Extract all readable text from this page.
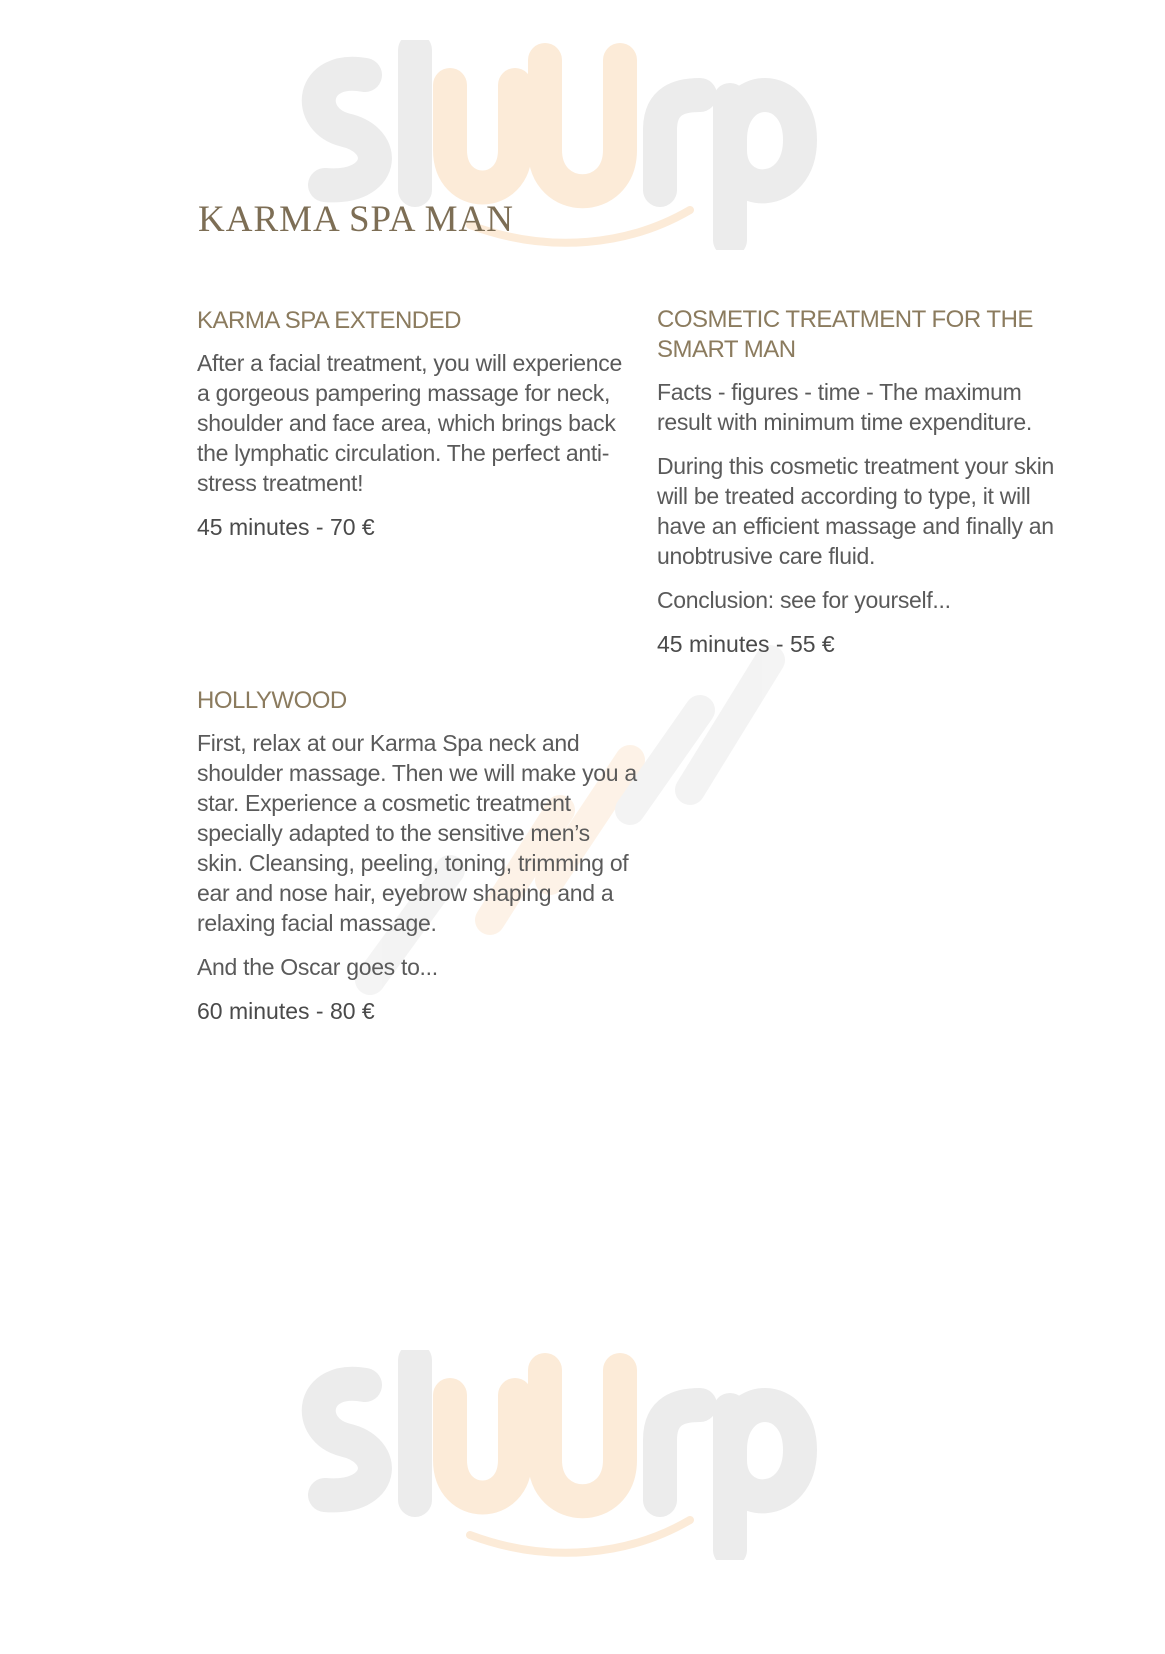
KARMA SPA MAN
KARMA SPA EXTENDED

After a facial treatment, you will experience a gorgeous pampering massage for neck, shoulder and face area, which brings back the lymphatic circulation. The perfect anti-stress treatment!

45 minutes - 70 €

COSMETIC TREATMENT FOR THE SMART MAN

Facts - figures - time - The maximum result with minimum time expenditure.

During this cosmetic treatment your skin will be treated according to type, it will have an efficient massage and finally an unobtrusive care fluid.

Conclusion: see for yourself...

45 minutes - 55 €

HOLLYWOOD

First, relax at our Karma Spa neck and shoulder massage. Then we will make you a star. Experience a cosmetic treatment specially adapted to the sensitive men’s skin. Cleansing, peeling, toning, trimming of ear and nose hair, eyebrow shaping and a relaxing facial massage.

And the Oscar goes to...

60 minutes - 80 €
